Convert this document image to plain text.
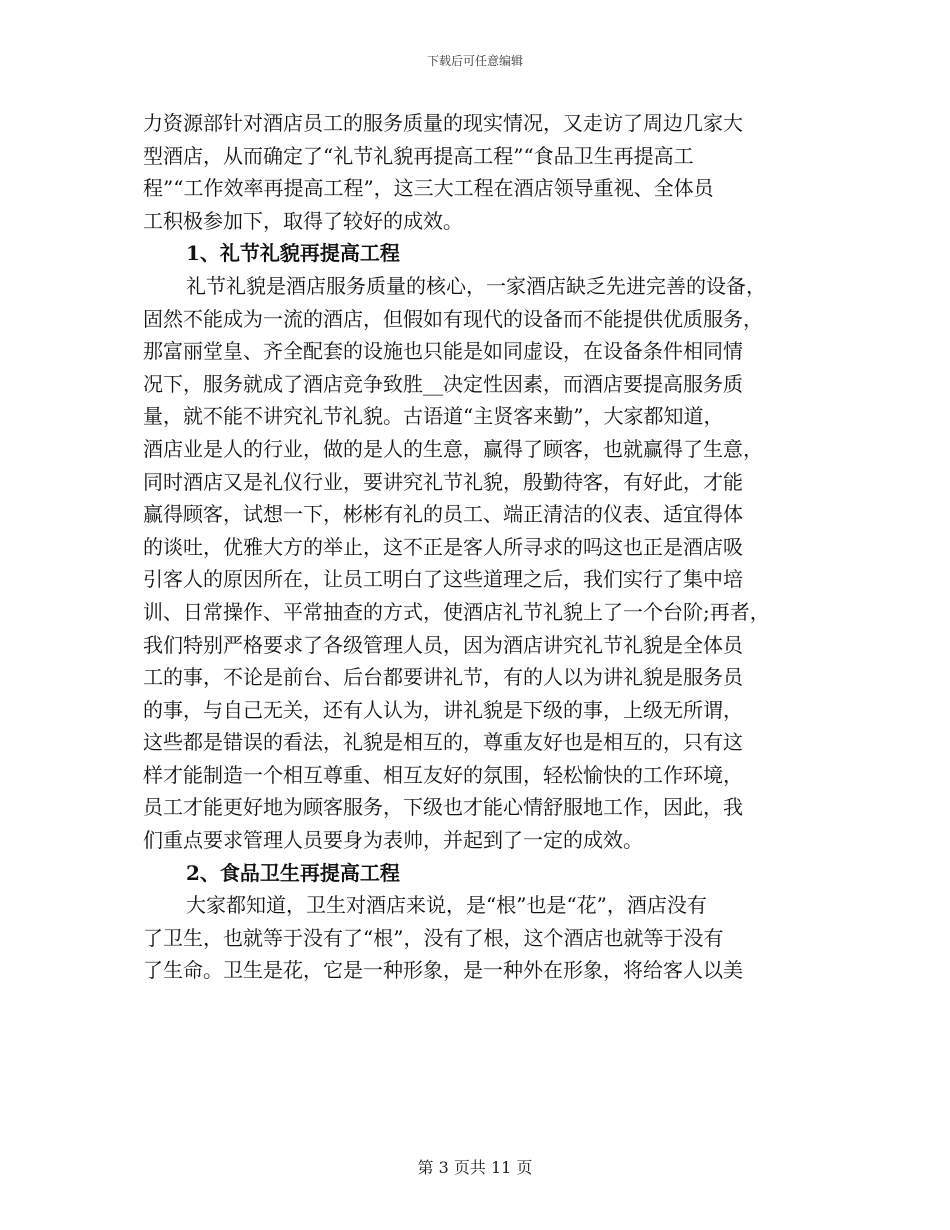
下载后可任意编辑
力资源部针对酒店员工的服务质量的现实情况，又走访了周边几家大
型酒店，从而确定了“礼节礼貌再提高工程”“食品卫生再提高工
程”“工作效率再提高工程”，这三大工程在酒店领导重视、全体员
工积极参加下，取得了较好的成效。
1、礼节礼貌再提高工程
礼节礼貌是酒店服务质量的核心，一家酒店缺乏先进完善的设备，
固然不能成为一流的酒店，但假如有现代的设备而不能提供优质服务，
那富丽堂皇、齐全配套的设施也只能是如同虚设，在设备条件相同情
况下，服务就成了酒店竞争致胜__决定性因素，而酒店要提高服务质
量，就不能不讲究礼节礼貌。古语道“主贤客来勤”，大家都知道，
酒店业是人的行业，做的是人的生意，赢得了顾客，也就赢得了生意，
同时酒店又是礼仪行业，要讲究礼节礼貌，殷勤待客，有好此，才能
赢得顾客，试想一下，彬彬有礼的员工、端正清洁的仪表、适宜得体
的谈吐，优雅大方的举止，这不正是客人所寻求的吗这也正是酒店吸
引客人的原因所在，让员工明白了这些道理之后，我们实行了集中培
训、日常操作、平常抽查的方式，使酒店礼节礼貌上了一个台阶;再者，
我们特别严格要求了各级管理人员，因为酒店讲究礼节礼貌是全体员
工的事，不论是前台、后台都要讲礼节，有的人以为讲礼貌是服务员
的事，与自己无关，还有人认为，讲礼貌是下级的事，上级无所谓，
这些都是错误的看法，礼貌是相互的，尊重友好也是相互的，只有这
样才能制造一个相互尊重、相互友好的氛围，轻松愉快的工作环境，
员工才能更好地为顾客服务，下级也才能心情舒服地工作，因此，我
们重点要求管理人员要身为表帅，并起到了一定的成效。
2、食品卫生再提高工程
大家都知道，卫生对酒店来说，是“根”也是“花”，酒店没有
了卫生，也就等于没有了“根”，没有了根，这个酒店也就等于没有
了生命。卫生是花，它是一种形象，是一种外在形象，将给客人以美
第 3 页共 11 页
